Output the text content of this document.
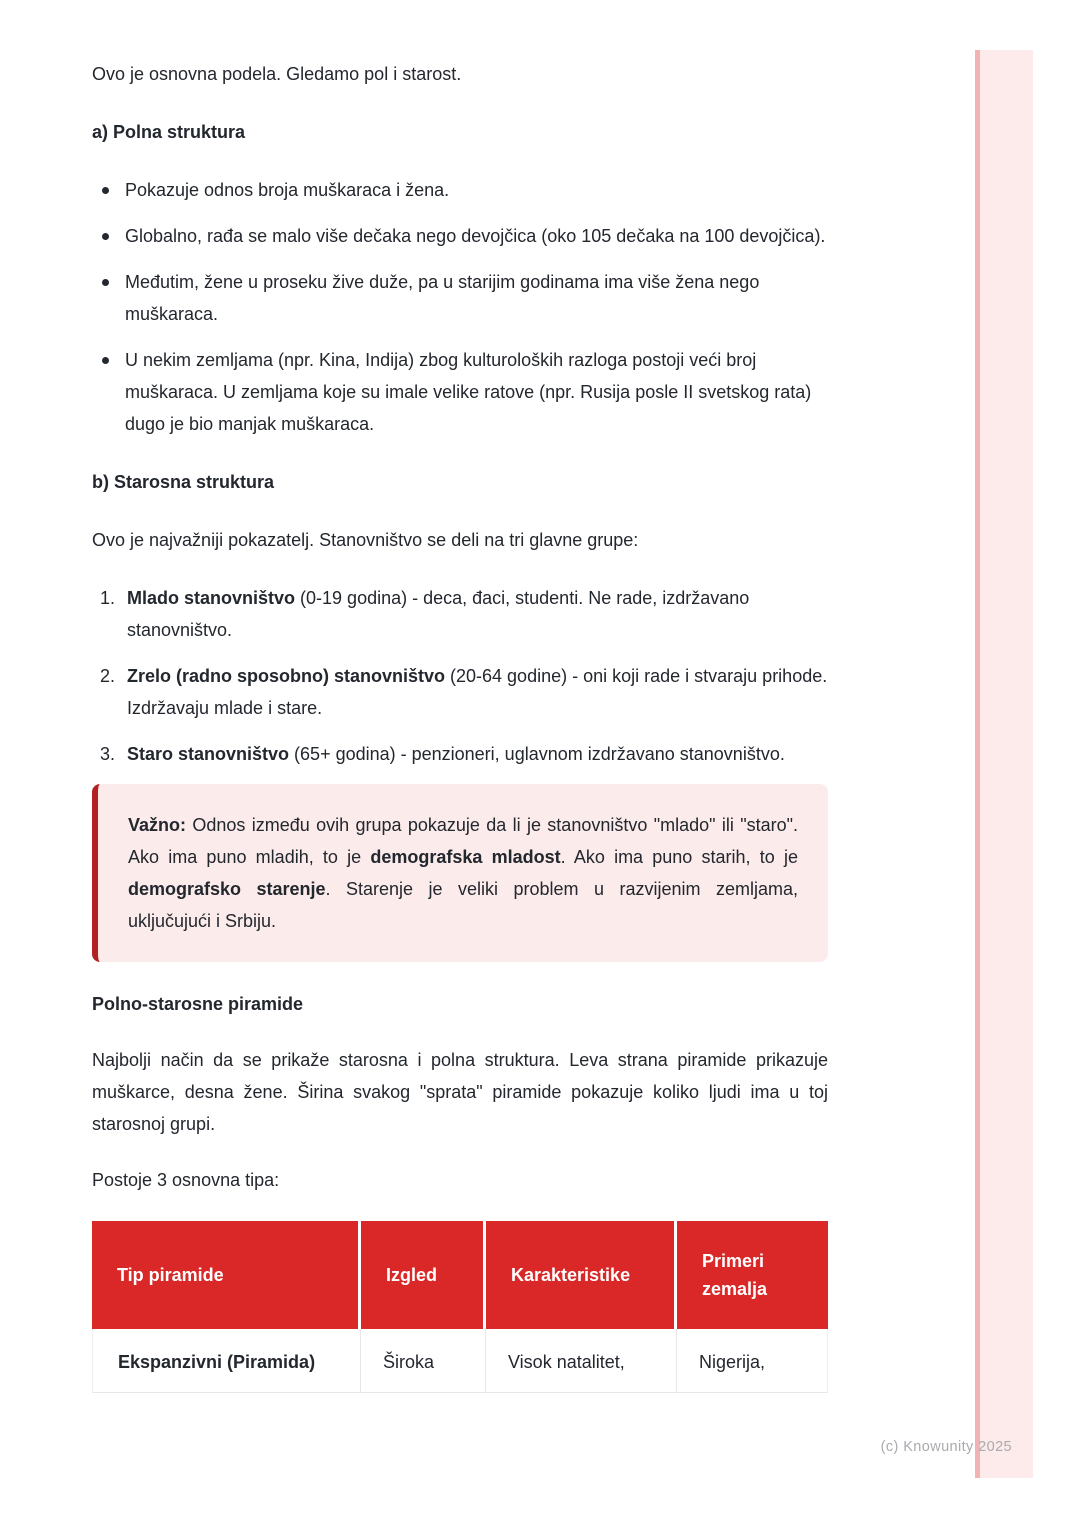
Ovo je osnovna podela. Gledamo pol i starost.

a) Polna struktura
Pokazuje odnos broja muškaraca i žena.
Globalno, rađa se malo više dečaka nego devojčica (oko 105 dečaka na 100 devojčica).
Međutim, žene u proseku žive duže, pa u starijim godinama ima više žena nego muškaraca.
U nekim zemljama (npr. Kina, Indija) zbog kulturoloških razloga postoji veći broj muškaraca. U zemljama koje su imale velike ratove (npr. Rusija posle II svetskog rata) dugo je bio manjak muškaraca.
b) Starosna struktura

Ovo je najvažniji pokazatelj. Stanovništvo se deli na tri glavne grupe:

Mlado stanovništvo (0-19 godina) - deca, đaci, studenti. Ne rade, izdržavano stanovništvo.
Zrelo (radno sposobno) stanovništvo (20-64 godine) - oni koji rade i stvaraju prihode. Izdržavaju mlade i stare.
Staro stanovništvo (65+ godina) - penzioneri, uglavnom izdržavano stanovništvo.
Važno: Odnos između ovih grupa pokazuje da li je stanovništvo "mlado" ili "staro". Ako ima puno mladih, to je demografska mladost. Ako ima puno starih, to je demografsko starenje. Starenje je veliki problem u razvijenim zemljama, uključujući i Srbiju.
Polno-starosne piramide

Najbolji način da se prikaže starosna i polna struktura. Leva strana piramide prikazuje muškarce, desna žene. Širina svakog "sprata" piramide pokazuje koliko ljudi ima u toj starosnoj grupi.

Postoje 3 osnovna tipa:

Tip piramide	Izgled	Karakteristike	Primeri zemalja
Ekspanzivni (Piramida)	Široka	Visok natalitet,	Nigerija,
(c) Knowunity 2025
